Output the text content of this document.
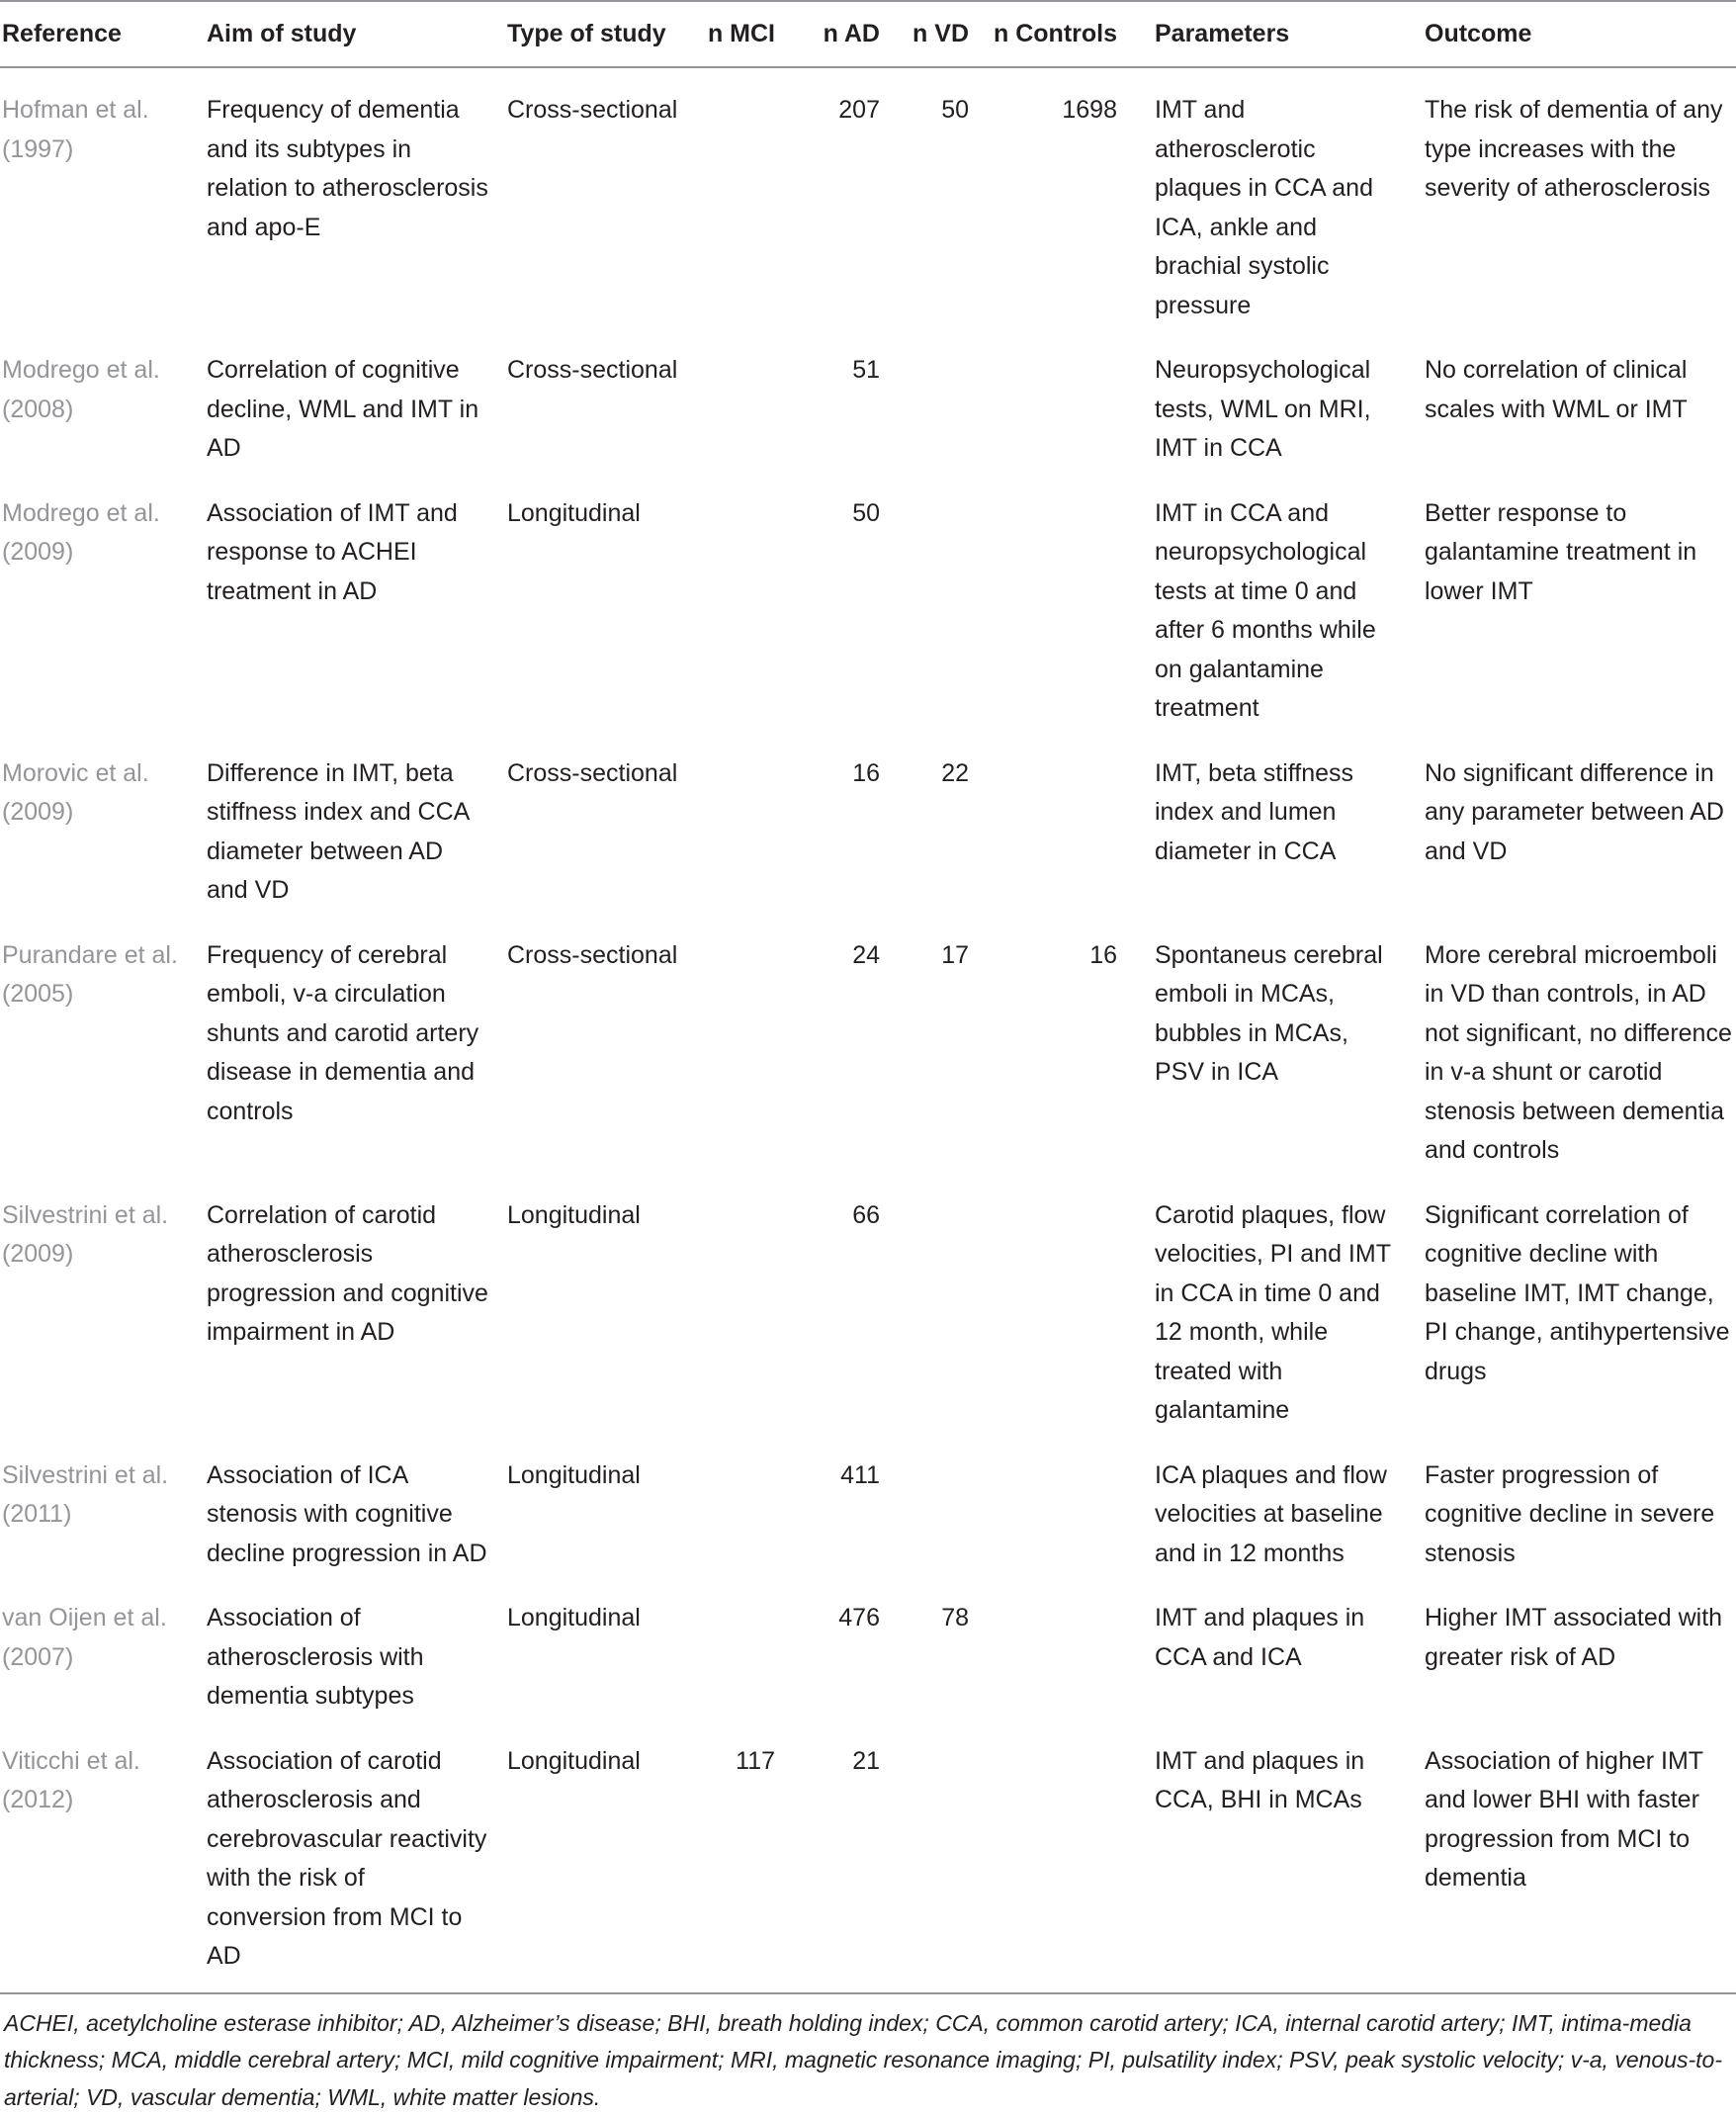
Reference	Aim of study	Type of study	n MCI	n AD	n VD	n Controls	Parameters	Outcome
Hofman et al. (1997)	Frequency of dementia and its subtypes in relation to atherosclerosis and apo-E	Cross-sectional		207	50	1698	IMT and atherosclerotic plaques in CCA and ICA, ankle and brachial systolic pressure	The risk of dementia of any type increases with the severity of atherosclerosis
Modrego et al. (2008)	Correlation of cognitive decline, WML and IMT in AD	Cross-sectional		51			Neuropsychological tests, WML on MRI, IMT in CCA	No correlation of clinical scales with WML or IMT
Modrego et al. (2009)	Association of IMT and response to ACHEI treatment in AD	Longitudinal		50			IMT in CCA and neuropsychological tests at time 0 and after 6 months while on galantamine treatment	Better response to galantamine treatment in lower IMT
Morovic et al. (2009)	Difference in IMT, beta stiffness index and CCA diameter between AD and VD	Cross-sectional		16	22		IMT, beta stiffness index and lumen diameter in CCA	No significant difference in any parameter between AD and VD
Purandare et al. (2005)	Frequency of cerebral emboli, v-a circulation shunts and carotid artery disease in dementia and controls	Cross-sectional		24	17	16	Spontaneus cerebral emboli in MCAs, bubbles in MCAs, PSV in ICA	More cerebral microemboli in VD than controls, in AD not significant, no difference in v-a shunt or carotid stenosis between dementia and controls
Silvestrini et al. (2009)	Correlation of carotid atherosclerosis progression and cognitive impairment in AD	Longitudinal		66			Carotid plaques, flow velocities, PI and IMT in CCA in time 0 and 12 month, while treated with galantamine	Significant correlation of cognitive decline with baseline IMT, IMT change, PI change, antihypertensive drugs
Silvestrini et al. (2011)	Association of ICA stenosis with cognitive decline progression in AD	Longitudinal		411			ICA plaques and flow velocities at baseline and in 12 months	Faster progression of cognitive decline in severe stenosis
van Oijen et al. (2007)	Association of atherosclerosis with dementia subtypes	Longitudinal		476	78		IMT and plaques in CCA and ICA	Higher IMT associated with greater risk of AD
Viticchi et al. (2012)	Association of carotid atherosclerosis and cerebrovascular reactivity with the risk of conversion from MCI to AD	Longitudinal	117	21			IMT and plaques in CCA, BHI in MCAs	Association of higher IMT and lower BHI with faster progression from MCI to dementia
ACHEI, acetylcholine esterase inhibitor; AD, Alzheimer’s disease; BHI, breath holding index; CCA, common carotid artery; ICA, internal carotid artery; IMT, intima-media thickness; MCA, middle cerebral artery; MCI, mild cognitive impairment; MRI, magnetic resonance imaging; PI, pulsatility index; PSV, peak systolic velocity; v-a, venous-to-arterial; VD, vascular dementia; WML, white matter lesions.
